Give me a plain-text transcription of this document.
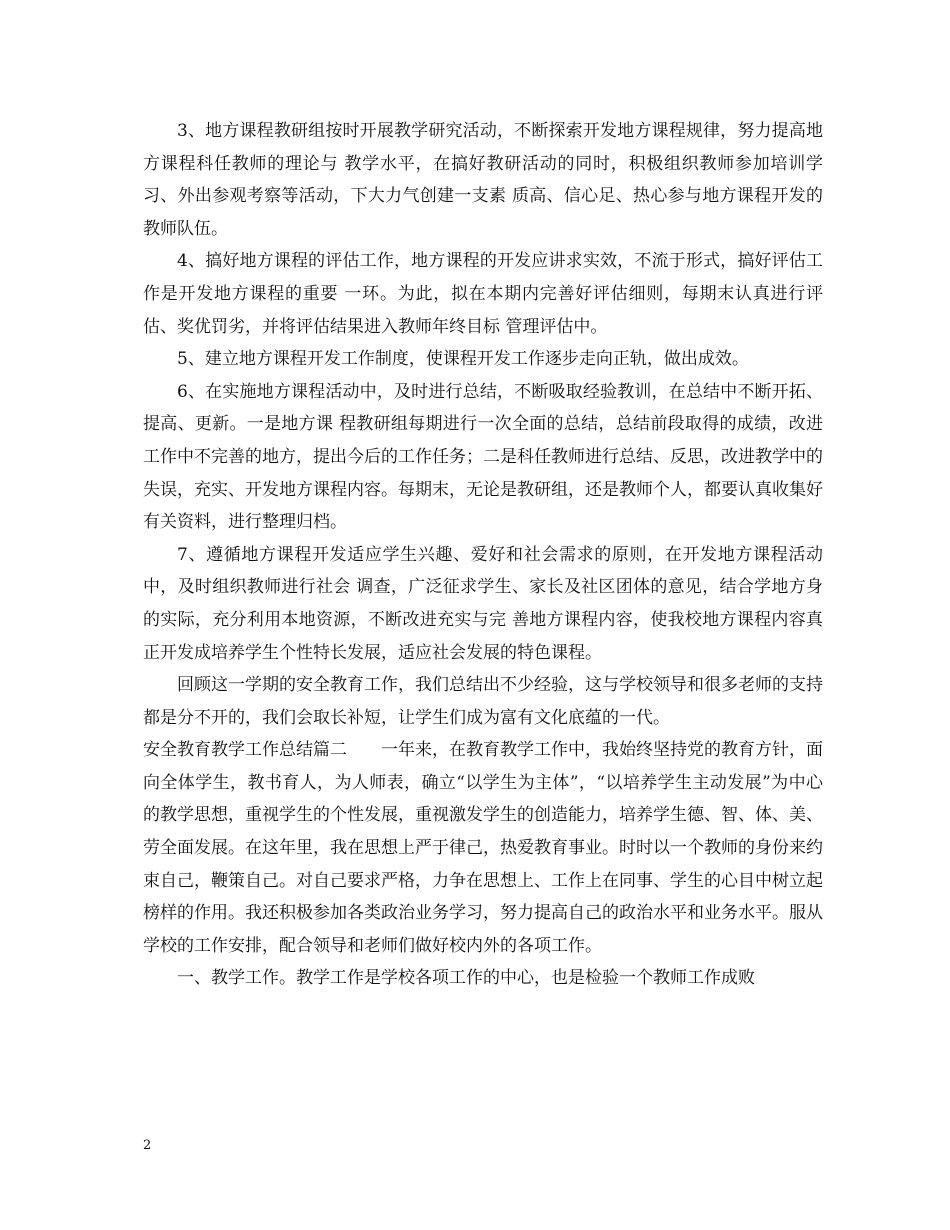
3、地方课程教研组按时开展教学研究活动，不断探索开发地方课程规律，努力提高地方课程科任教师的理论与 教学水平，在搞好教研活动的同时，积极组织教师参加培训学习、外出参观考察等活动，下大力气创建一支素 质高、信心足、热心参与地方课程开发的教师队伍。

4、搞好地方课程的评估工作，地方课程的开发应讲求实效，不流于形式，搞好评估工作是开发地方课程的重要 一环。为此，拟在本期内完善好评估细则，每期末认真进行评估、奖优罚劣，并将评估结果进入教师年终目标 管理评估中。

5、建立地方课程开发工作制度，使课程开发工作逐步走向正轨，做出成效。

6、在实施地方课程活动中，及时进行总结，不断吸取经验教训，在总结中不断开拓、提高、更新。一是地方课 程教研组每期进行一次全面的总结，总结前段取得的成绩，改进工作中不完善的地方，提出今后的工作任务；二是科任教师进行总结、反思，改进教学中的失误，充实、开发地方课程内容。每期末，无论是教研组，还是教师个人，都要认真收集好有关资料，进行整理归档。

7、遵循地方课程开发适应学生兴趣、爱好和社会需求的原则，在开发地方课程活动中，及时组织教师进行社会 调查，广泛征求学生、家长及社区团体的意见，结合学地方身的实际，充分利用本地资源，不断改进充实与完 善地方课程内容，使我校地方课程内容真正开发成培养学生个性特长发展，适应社会发展的特色课程。

回顾这一学期的安全教育工作，我们总结出不少经验，这与学校领导和很多老师的支持都是分不开的，我们会取长补短，让学生们成为富有文化底蕴的一代。

安全教育教学工作总结篇二 一年来，在教育教学工作中，我始终坚持党的教育方针，面向全体学生，教书育人，为人师表，确立“以学生为主体”，“以培养学生主动发展”为中心的教学思想，重视学生的个性发展，重视激发学生的创造能力，培养学生德、智、体、美、劳全面发展。在这年里，我在思想上严于律己，热爱教育事业。时时以一个教师的身份来约束自己，鞭策自己。对自己要求严格，力争在思想上、工作上在同事、学生的心目中树立起榜样的作用。我还积极参加各类政治业务学习，努力提高自己的政治水平和业务水平。服从学校的工作安排，配合领导和老师们做好校内外的各项工作。

一、教学工作。教学工作是学校各项工作的中心，也是检验一个教师工作成败

2
